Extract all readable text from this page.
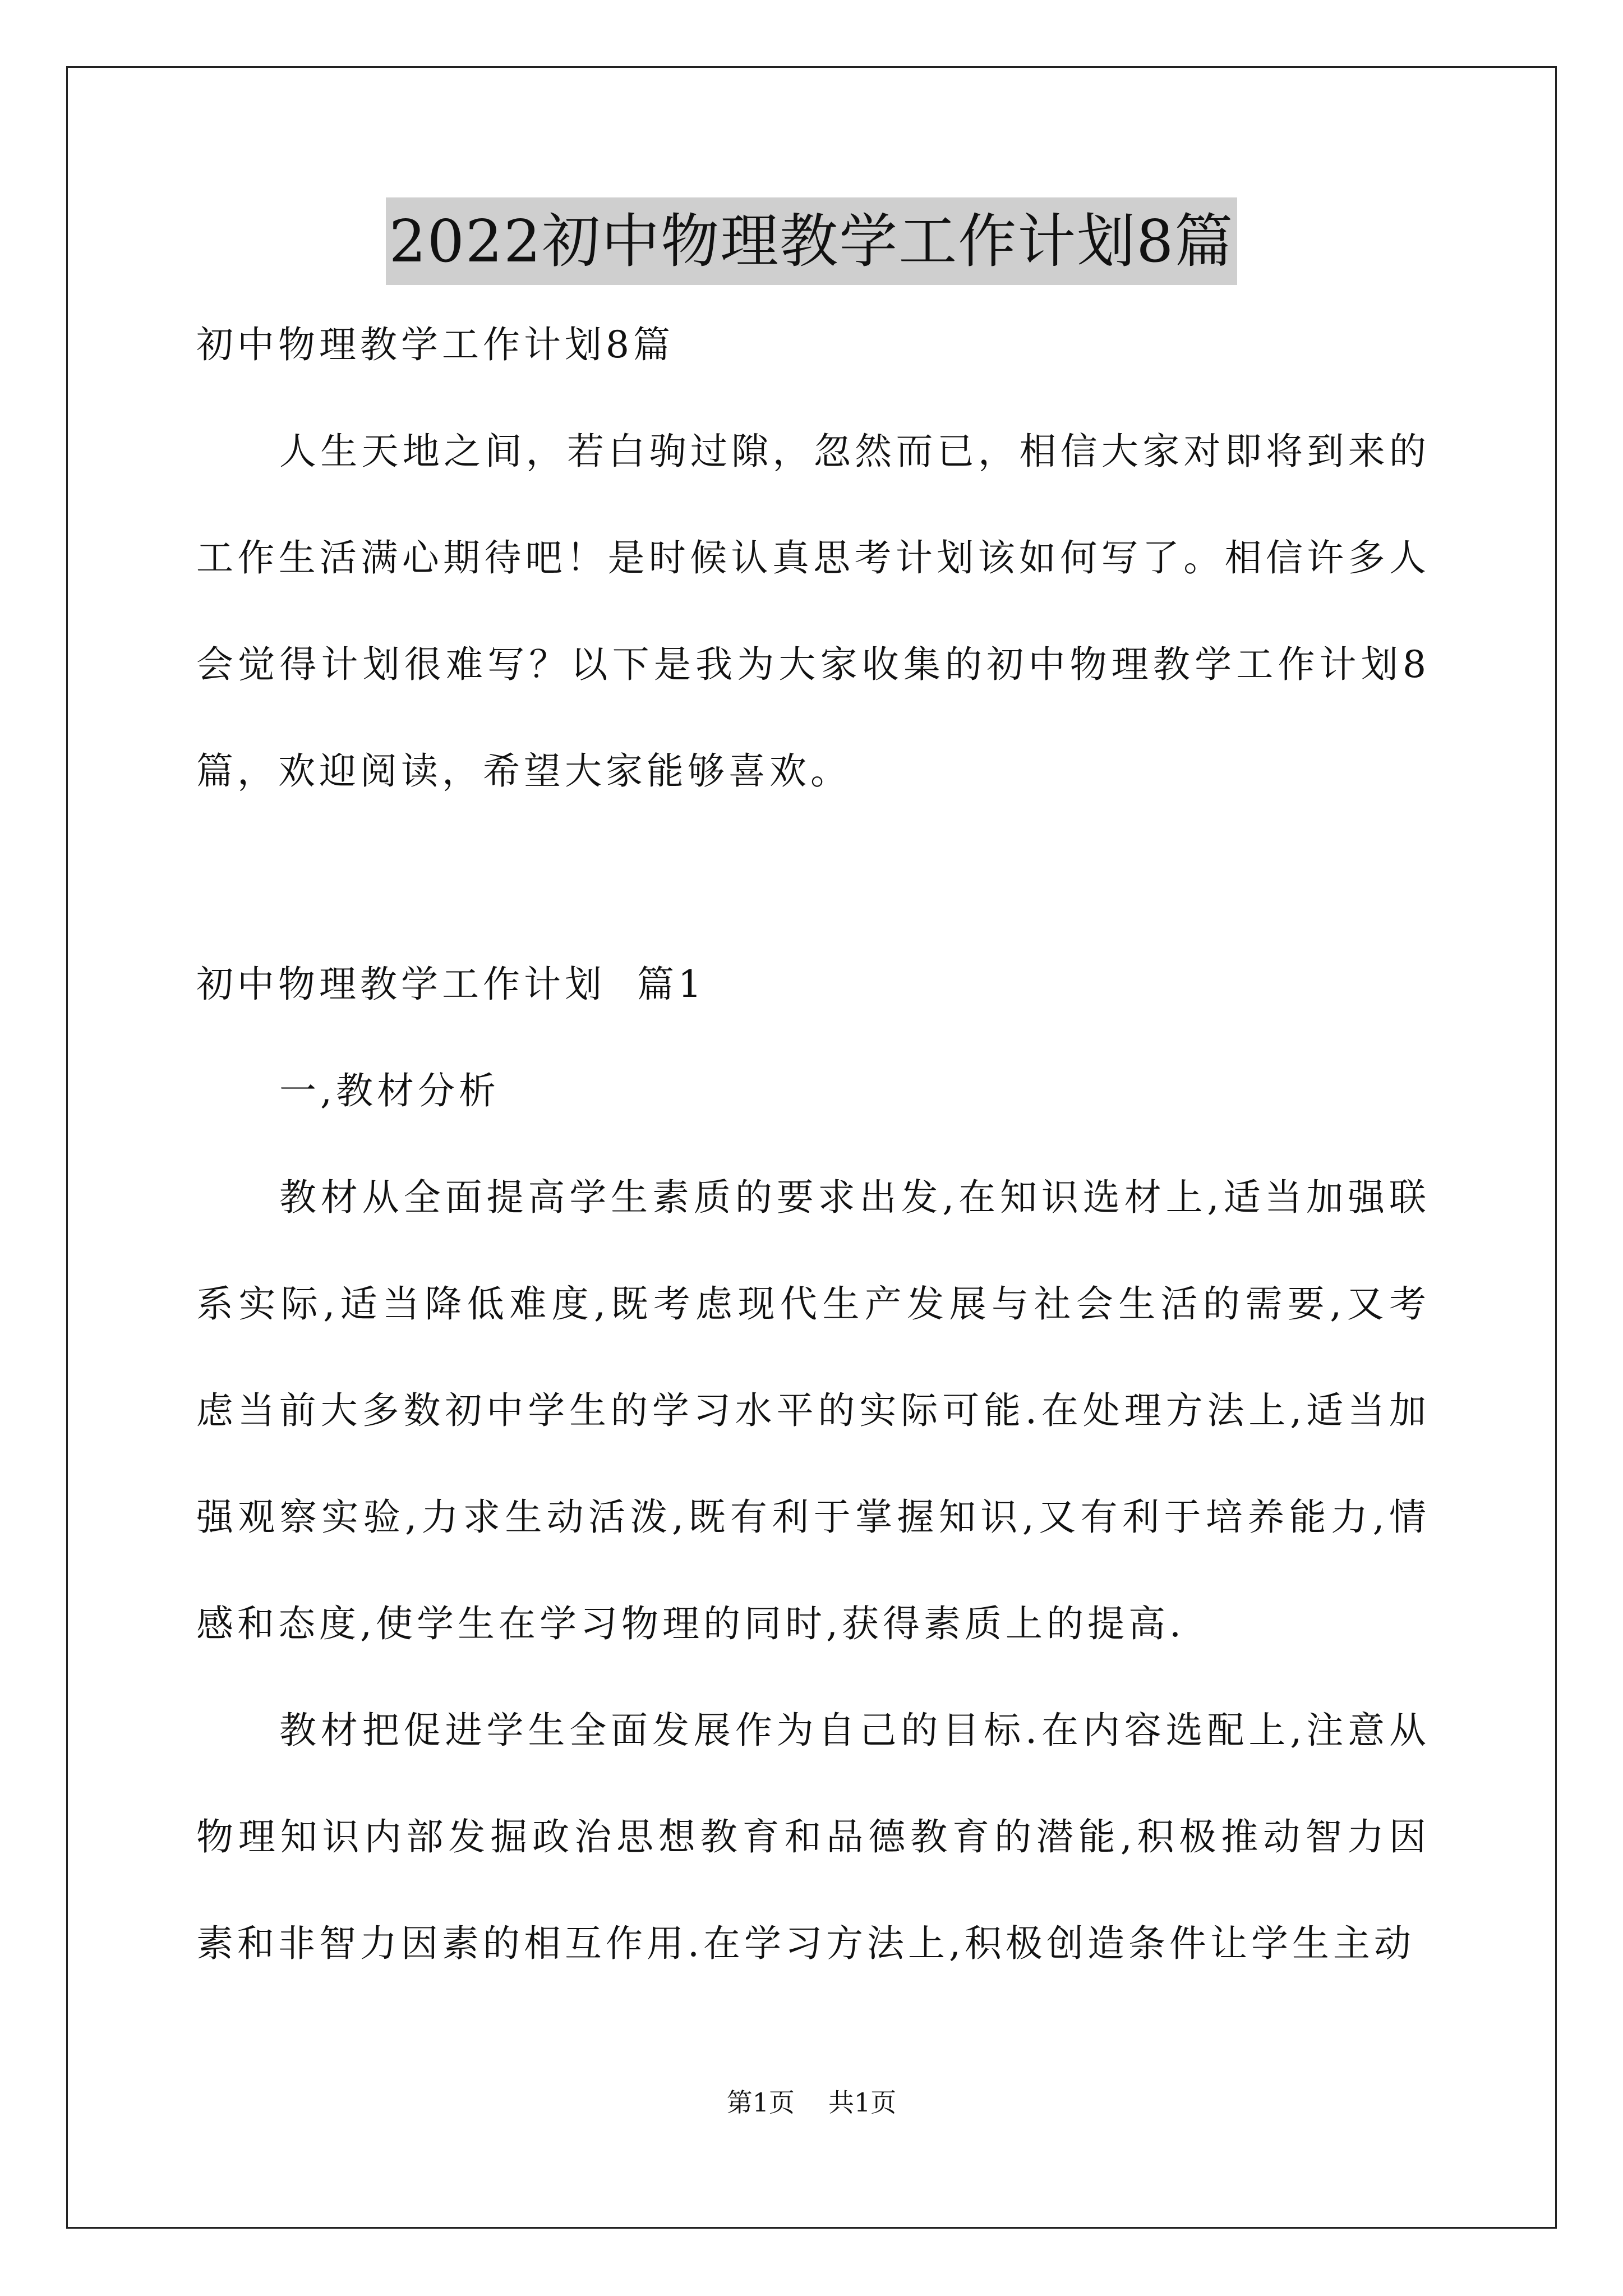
2022初中物理教学工作计划8篇
初中物理教学工作计划8篇
人生天地之间，若白驹过隙，忽然而已，相信大家对即将到来的工作生活满心期待吧！是时候认真思考计划该如何写了。相信许多人会觉得计划很难写？以下是我为大家收集的初中物理教学工作计划8篇，欢迎阅读，希望大家能够喜欢。
初中物理教学工作计划  篇1
一,教材分析
教材从全面提高学生素质的要求出发,在知识选材上,适当加强联系实际,适当降低难度,既考虑现代生产发展与社会生活的需要,又考虑当前大多数初中学生的学习水平的实际可能.在处理方法上,适当加强观察实验,力求生动活泼,既有利于掌握知识,又有利于培养能力,情感和态度,使学生在学习物理的同时,获得素质上的提高.
教材把促进学生全面发展作为自己的目标.在内容选配上,注意从物理知识内部发掘政治思想教育和品德教育的潜能,积极推动智力因素和非智力因素的相互作用.在学习方法上,积极创造条件让学生主动
第1页 共1页
